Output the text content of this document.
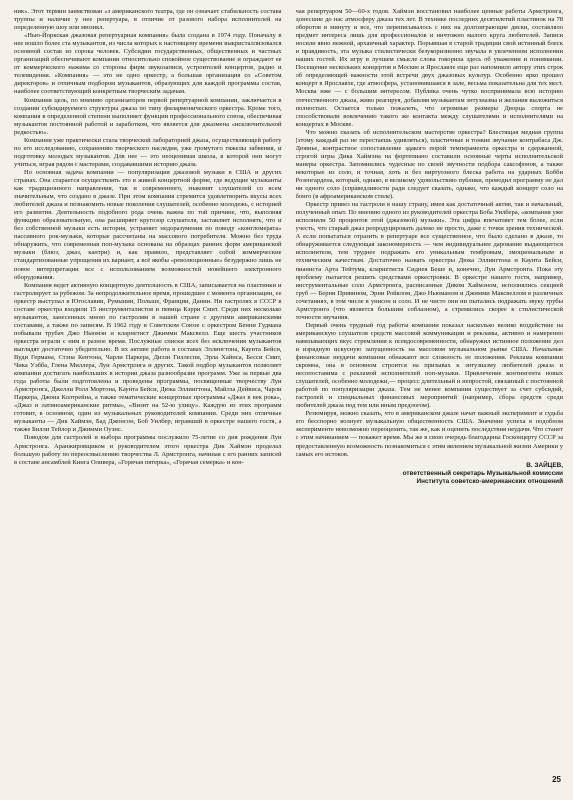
ник». Этот термин заимствован «з американского театра, где он означает стабильность состава труппы и наличие у нее репертуара, в отличие от разового набора исполнителей на определенную шоу или мюзикл.

«Нью-Йоркская джазовая репертуарная компания» была создана в 1974 году. Поначалу в нее вошло более ста музыкантов, из числа которых к настоящему времени выкристаллизовался основной состав из сорока человек. Субсидии государственных, общественных и частных организаций обеспечивают компании относительно спокойное существование и ограждают ее от коммерческого нажима со стороны фирм звукозаписи, устроителей концертов, радио и телевидения. «Компания» — это не одно оркестр, а большая организация со «Советом директоров» и отличным подбором музыкантов, образующих для каждой программы состав, наиболее соответствующий конкретным творческим задачам.

Компания цель, по мнению организаторов первой репертуарной компании, заключается в создании субсидируемого структуры джаза по типу филармонического оркестра. Кроме того, компания в определенной степени выполняет функции профессионального союза, обеспечивая музыкантов постоянной работой и заработком, что является для джазмена «исключительной редкостью».

Компания уже практически стала творческой лабораторией джаза, осуществляющей работу по его исследованию, сохранению творческого наследия, уже громутого тяжелы забвения, и подготовку молодых музыкантов. Для нее — это неоценимая школа, в которой они могут учиться, играя рядом с мастерами, создававшими историю джаза.

Но основная задача компании — популяризация джазовой музыки в США и других странах. Она старается осуществлять это в живой концертной форме, где ведущие музыканты как традиционного направления, так и современного, знакомят слушателей со всем значительным, что создано в джазе. При этом компания стремится удовлетворить вкусы всех любителей джаза и познакомить новые поколения слушателей, особенно молодежь, с историей его развития. Деятельность подобного рода очень важна по той причине, что, выполняя функцию образовательную, она расширяет кругозор слушателя, заставляет исполнять, что и без собственной музыки есть история, устраняет недоразумения по поводу «конгломерата» пассивного рок-музыки, которые рассчитаны на массового потребителя. Можно без труда обнаружить, что современная поп-музыка основана на образцах ранних форм американской музыки (блюз, джаз, кантри) и, как правило, представляет собой коммерческие стандартизованные упрощения их вариант, а всё якобы «революционные» безудержно лишь не повое интерпретации все с использованием возможностей новейшего электронного оборудования.

Компания ведет активную концертную деятельность в США, записывается на пластинки и гастролирует за рубежом. За непродолжительное время, прошедшее с момента организации, ее оркестр выступал в Югославии, Румынии, Польше, Франции, Дании. Ни гастролях в СССР в составе оркестра входили 15 инструменталистов и певица Кэрри Смит. Среди них несколько музыкантов, занесенных мною по гастролям в нашей стране с другими американскими составами, а также по записям. В 1962 году в Советском Союзе с оркестром Бенни Гудмана побывали трубач Джо Ньюмэн и кларнетист Джимми Максвелл. Еще шесть участников оркестра играли с ним в разное время. Послужные списки всех без исключения музыкантов выглядят достаточно убедительно. В их активе работа в составах Эллингтона, Каунта Бейси, Вуди Германа, Стэна Кентона, Чарли Паркера, Диззи Гиллеспи, Эрла Хайнса, Бесси Смит, Чика Уэбба, Глена Миллера, Луи Армстронга и других. Такой подбор музыкантов позволяет компании достигать наибольших в истории джаза разнообразие программ. Уже за первые два года работы были подготовлены и проведены программы, посвященные творчеству Луи Армстронга, Джелли Ролл Мортона, Каунта Бейси, Дюка Эллингтона, Майлза Дейвиса, Чарли Паркера, Джона Колтрейна, а также тематические концертные программы «Джаз в век рока», «Джаз и латиноамериканские ритмы», «Визит на 52-ю улицу». Каждую из этих программ готовит, в основном, один из музыкальных руководителей компании. Среди них отличные музыканты — Дик Хаймэн, Бад Джонсон, Боб Уилбер, игравший в оркестре нашего гостя, а также Билли Тейлор и Джимми Оуэнс.

Поводом для гастролей и выбора программы послужило 75-летие со дня рождения Луи Армстронга. Аранжировщиком и руководителем этого оркестра Дик Хаймэн проделал большую работу по переосмыслению творчества Л. Армстронга, начиная с его ранних записей в составе ансамблей Кинга Оливера, «Горячая пятерка», «Горячая семерка» и кон-

чая репертуаром 50—60-х годов. Хаймэн восстановил наиболее ценные работы Армстронга, донесшие до нас атмосферу джаза тех лет. В технике последних десятилетий пластинок на 78 оборотов в минуту и все, что переписывалось с них на долгоиграющие диски, составляло предмет интереса лишь для профессионалов и ничтожно малого круга любителей. Записи носили явно нежной, архаичный характер. Порывшая в старой традиции свой истинный блеск и правдивость, эта музыка стилистически безукоризненно звучала в увлеченном исполнении наших гостей. Их игру в лучшем смысле слова говорила здесь об уважении и понимании. Посещение нескольких концертов в Москве и Ярославле еще раз напомнило автору этих строк об определяющей важности этой встречи двух джазовых культур. Особенно ярко прошел концерт в Ярославле, где атмосфера, установившаяся в зале, весьма показательна для тех мест. Москва иже — с большим интересом. Публика очень чутко воспринимала всю историю отечественного джаза, живо реагируя, добавляя музыкантам энтузиазма и желания выложиться полностью. Остается только пожалеть, что огромные размеры Дворца спорта не способствовали вовлечению такого же контакта между слушателями и исполнителями на концертах в Москве.

Что можно сказать об исполнительском мастерстве оркестра? Блестящая медная группа (этому каждый раз не перестаешь удивляться), пластичные и тонкие звучание контрабаса Дж. Дювнье, контрастное сопоставление эдакого порой темперамента оркестра и сдержанной, строгой игры Дика Хаймэна на фортепиано составили основные черты исполнительской манеры оркестра. Запомнились чудесные по своей звучности подбора саксофонов, а также некоторые из соло, и точная, хоть и без виртуозного блеска работа на ударных Бобби Розенгардена, который, однако, в великому удовольствию публики, проводил программу не дал ни одного соло (справедливости ради следует сказать, однако, что каждый концерт соло на бонго (в афроамериканском стиле).

Оркестр привез на гастроли в нашу страну, имея как достаточный актив, так и начальный, полученный опыт. По мнению одного из руководителей оркестра Боба Уилбера, «компания уже исполнили 50 процентов этой (джазовой) музыки». Эта цифра впечатляет тем более, если учесть, что старый джаз репродуцировать далеко не просто, даже с точки зрения технической. А если попытаться отразить в репертуаре все существенное, что было сделано в джазе, то обнаруживается следующая закономерность — чем индивидуальнее дарование выдающегося исполнителя, тем труднее подражать его уникальным тембровым, эмоциональным и техническим качествам. Достаточно назвать оркестры Дюка Эллингтона и Каунта Бейси, пианиста Арта Тейтума, кларнетиста Сиднея Беше и, конечно, Луи Армстронга. Пока эту проблему пытается решить средствами оркестровки. В оркестре нашего гостя, например, инструментальные соло Армстронга, расписанные Диком Хаймэном, исполнялись секцией труб — Берни Привином, Эрни Ройялом, Джо Ньюманом и Джимми Максвеллом в различных сочетаниях, в том числе в унисон и соло. И не чисто они ни пытались подражать звуку трубы Армстронга (что является большим соблазном), а стремились скорее к стилистической точности звучания.

Первый очень трудный год работы компании показал насколько велико воздействие на американскую слушателя средств массовой коммуникации и рекламы, активно и намеренно навязывающих вкус стремления к псевдосовременности, обнаружил истинное положение дел и изрядную искусную запущенность на массовом музыкальном рынке США. Начальные финансовые неудачи компании обнажают все сложность ее положения. Реклама компании скромна, она в основном строится на призывах к энтузиазму любителей джаза и несопоставима с рекламой исполнителей поп-музыки. Привлечение контингента новых слушателей, особенно молодежи,— процесс длительный и непростой, связанный с постоянной работой по популяризации джаза. Тем не менее компания существует за счет субсидий, гастролей и специальных финансовых мероприятий (например, сбора средств среди любителей джаза под тем или иным предлогом).

Резюмируя, можно сказать, что в американском джазе начат важный эксперимент и судьба его бесспорно волнует музыкальную общественность США. Значение успеха в подобном эксперименте невозможно переоценить, так же, как и оценить последствия неудачи. Что станет с этим начинанием — покажет время. Мы же в свою очередь благодарны Госконцерту СССР за предоставленную возможность познакомиться с этим явлением музыкальной жизни Америки у самых его истоков.

В. ЗАЙЦЕВ,
ответственный секретарь Музыкальной комиссии
Института советско-американских отношений
25
